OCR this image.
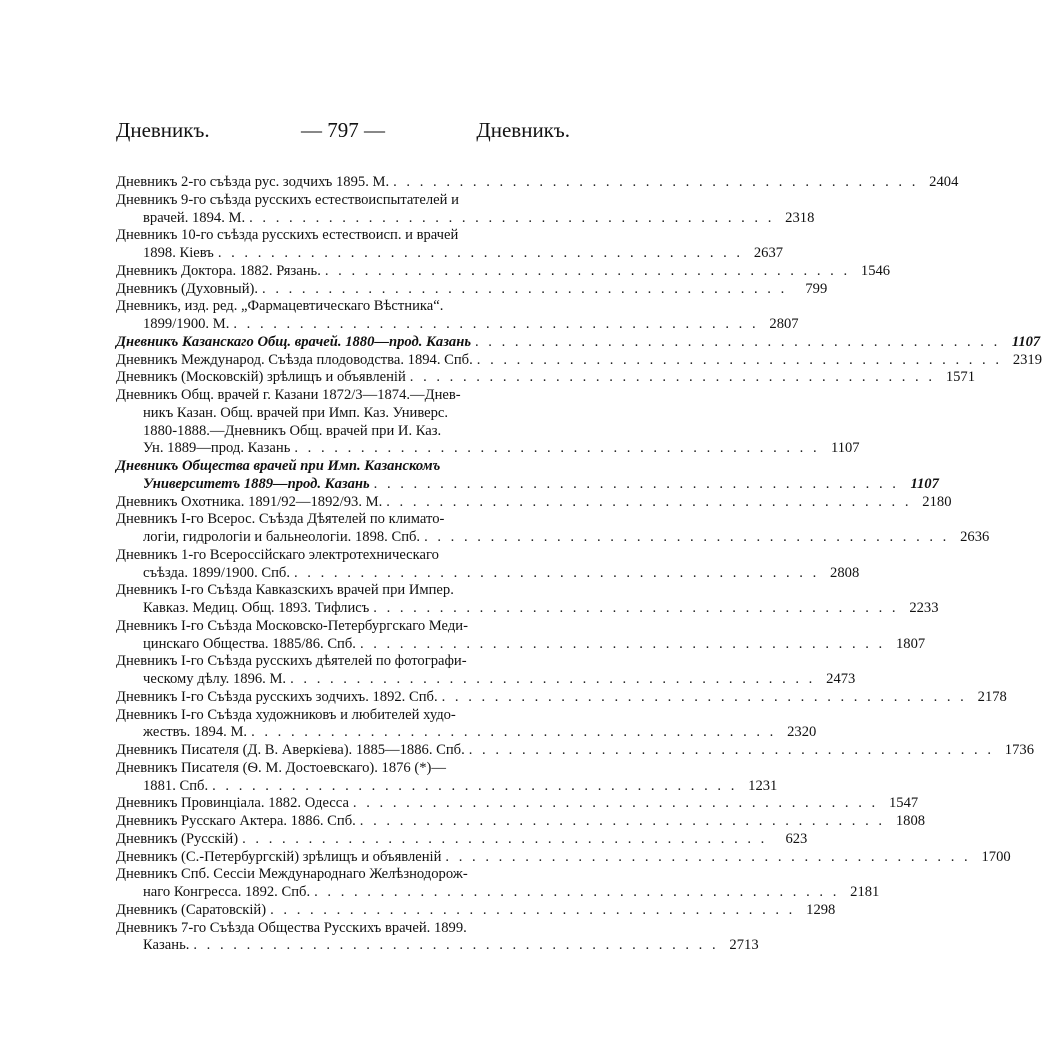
Дневникъ.	— 797 —	Дневникъ.
Дневникъ 2-го съѣзда рус. зодчихъ 1895. М. . . . . . . . . . . . . . . . . . . . . . . . . . . . . . . . . . . . . . . . . 2404
Дневникъ 9-го съѣзда русскихъ естествоиспытателей и
врачей. 1894. М. . . . . . . . . . . . . . . . . . . . . . . . . . . . . . . . . . . . . . . . . 2318
Дневникъ 10-го съѣзда русскихъ естествоисп. и врачей
1898. Кiевъ . . . . . . . . . . . . . . . . . . . . . . . . . . . . . . . . . . . . . . . . 2637
Дневникъ Доктора. 1882. Рязань. . . . . . . . . . . . . . . . . . . . . . . . . . . . . . . . . . . . . . . . . 1546
Дневникъ (Духовный). . . . . . . . . . . . . . . . . . . . . . . . . . . . . . . . . . . . . . . . .	799
Дневникъ, изд. ред. „Фармацевтическаго Вѣстника“.
1899/1900. М. . . . . . . . . . . . . . . . . . . . . . . . . . . . . . . . . . . . . . . . . 2807
Дневникъ Казанскаго Общ. врачей. 1880—прод. Казань . . . . . . . . . . . . . . . . . . . . . . . . . . . . . . . . . . . . . . . . 1107
Дневникъ Международ. Съѣзда плодоводства. 1894. Спб. . . . . . . . . . . . . . . . . . . . . . . . . . . . . . . . . . . . . . . . . 2319
Дневникъ (Московскiй) зрѣлищъ и объявленiй . . . . . . . . . . . . . . . . . . . . . . . . . . . . . . . . . . . . . . . . 1571
Дневникъ Общ. врачей г. Казани 1872/3—1874.—Днев-
никъ Казан. Общ. врачей при Имп. Каз. Универс.
1880-1888.—Дневникъ Общ. врачей при И. Каз.
Ун. 1889—прод. Казань . . . . . . . . . . . . . . . . . . . . . . . . . . . . . . . . . . . . . . . . 1107
Дневникъ Общества врачей при Имп. Казанскомъ
Университетъ 1889—прод. Казань . . . . . . . . . . . . . . . . . . . . . . . . . . . . . . . . . . . . . . . . 1107
Дневникъ Охотника. 1891/92—1892/93. М. . . . . . . . . . . . . . . . . . . . . . . . . . . . . . . . . . . . . . . . . 2180
Дневникъ I-го Всерос. Съѣзда Дѣятелей по климато-
логiи, гидрологiи и бальнеологiи. 1898. Спб. . . . . . . . . . . . . . . . . . . . . . . . . . . . . . . . . . . . . . . . . 2636
Дневникъ 1-го Всероссiйскаго электротехническаго
съѣзда. 1899/1900. Спб. . . . . . . . . . . . . . . . . . . . . . . . . . . . . . . . . . . . . . . . . 2808
Дневникъ I-го Съѣзда Кавказскихъ врачей при Импер.
Кавказ. Медиц. Общ. 1893. Тифлисъ . . . . . . . . . . . . . . . . . . . . . . . . . . . . . . . . . . . . . . . . 2233
Дневникъ I-го Съѣзда Московско-Петербургскаго Меди-
цинскаго Общества. 1885/86. Спб. . . . . . . . . . . . . . . . . . . . . . . . . . . . . . . . . . . . . . . . . 1807
Дневникъ I-го Съѣзда русскихъ дѣятелей по фотографи-
ческому дѣлу. 1896. М. . . . . . . . . . . . . . . . . . . . . . . . . . . . . . . . . . . . . . . . . 2473
Дневникъ I-го Съѣзда русскихъ зодчихъ. 1892. Спб. . . . . . . . . . . . . . . . . . . . . . . . . . . . . . . . . . . . . . . . . 2178
Дневникъ I-го Съѣзда художниковъ и любителей худо-
жествъ. 1894. М. . . . . . . . . . . . . . . . . . . . . . . . . . . . . . . . . . . . . . . . . 2320
Дневникъ Писателя (Д. В. Аверкiева). 1885—1886. Спб. . . . . . . . . . . . . . . . . . . . . . . . . . . . . . . . . . . . . . . . . 1736
Дневникъ Писателя (Ѳ. М. Достоевскаго). 1876 (*)—
1881. Спб. . . . . . . . . . . . . . . . . . . . . . . . . . . . . . . . . . . . . . . . . 1231
Дневникъ Провинцiала. 1882. Одесса . . . . . . . . . . . . . . . . . . . . . . . . . . . . . . . . . . . . . . . . 1547
Дневникъ Русскаго Актера. 1886. Спб. . . . . . . . . . . . . . . . . . . . . . . . . . . . . . . . . . . . . . . . . 1808
Дневникъ (Русскiй) . . . . . . . . . . . . . . . . . . . . . . . . . . . . . . . . . . . . . . . .	623
Дневникъ (С.-Петербургскiй) зрѣлищъ и объявленiй . . . . . . . . . . . . . . . . . . . . . . . . . . . . . . . . . . . . . . . . 1700
Дневникъ Спб. Сессiи Международнаго Желѣзнодорож-
наго Конгресса. 1892. Спб. . . . . . . . . . . . . . . . . . . . . . . . . . . . . . . . . . . . . . . . . 2181
Дневникъ (Саратовскiй) . . . . . . . . . . . . . . . . . . . . . . . . . . . . . . . . . . . . . . . . 1298
Дневникъ 7-го Съѣзда Общества Русскихъ врачей. 1899.
Казань. . . . . . . . . . . . . . . . . . . . . . . . . . . . . . . . . . . . . . . . . 2713
